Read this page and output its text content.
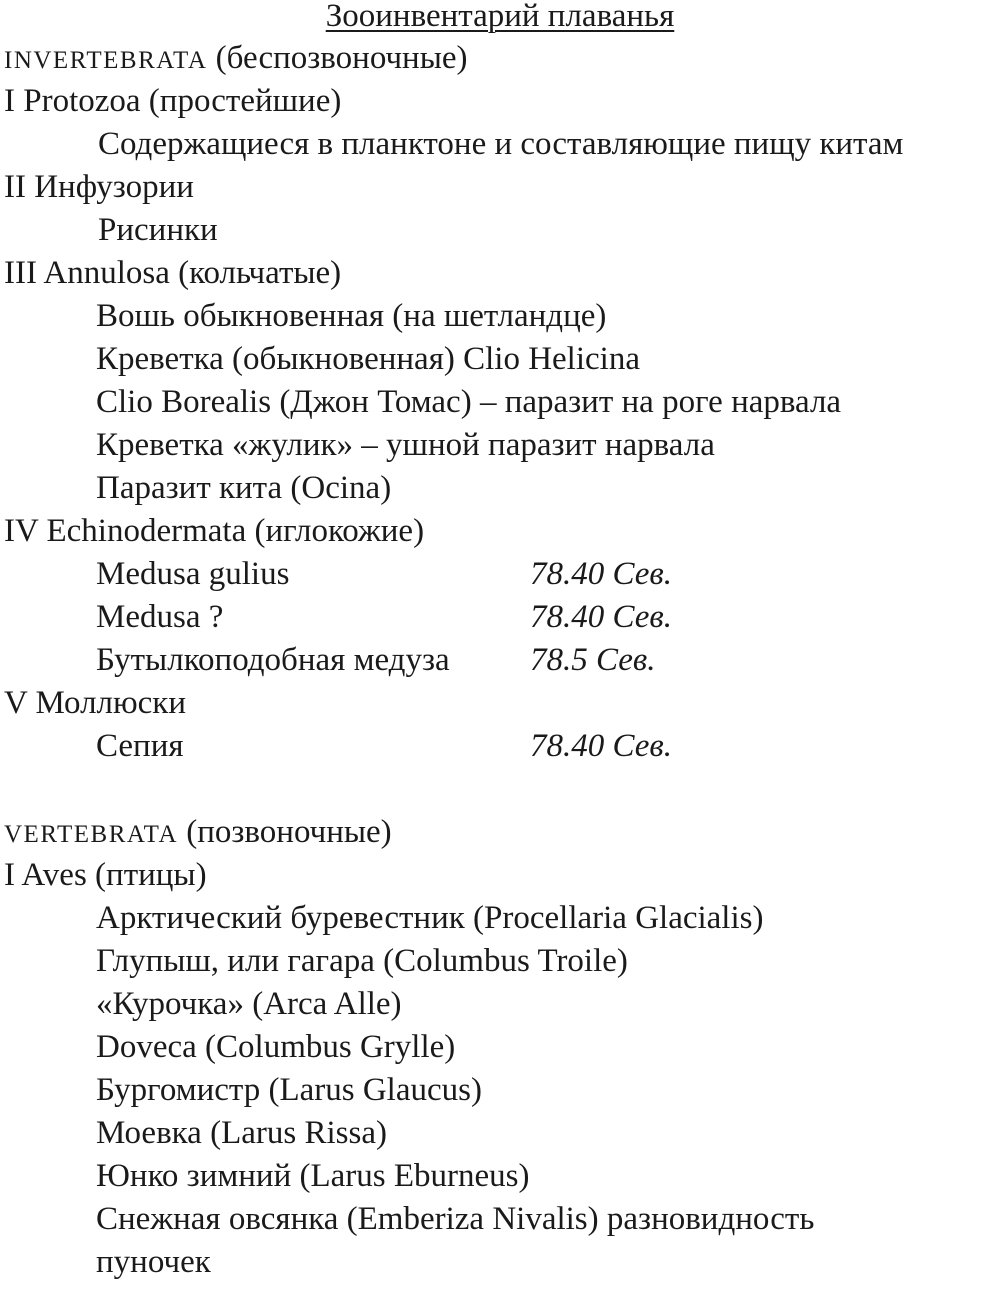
Зооинвентарий плаванья
INVERTEBRATA (беспозвоночные)
I Protozoa (простейшие)
Содержащиеся в планктоне и составляющие пищу китам
II Инфузории
Рисинки
III Annulosa (кольчатые)
Вошь обыкновенная (на шетландце)
Креветка (обыкновенная) Clio Helicina
Clio Borealis (Джон Томас) – паразит на роге нарвала
Креветка «жулик» – ушной паразит нарвала
Паразит кита (Ocina)
IV Echinodermata (иглокожие)
Medusa gulius	78.40 Сев.
Medusa ?	78.40 Сев.
Бутылкоподобная медуза 78.5 Сев.
V Моллюски
Сепия	78.40 Сев.
VERTEBRATA (позвоночные)
I Aves (птицы)
Арктический буревестник (Procellaria Glacialis)
Глупыш, или гагара (Columbus Troile)
«Курочка» (Arca Alle)
Doveca (Columbus Grylle)
Бургомистр (Larus Glaucus)
Моевка (Larus Rissa)
Юнко зимний (Larus Eburneus)
Снежная овсянка (Emberiza Nivalis) разновидность
пуночек
